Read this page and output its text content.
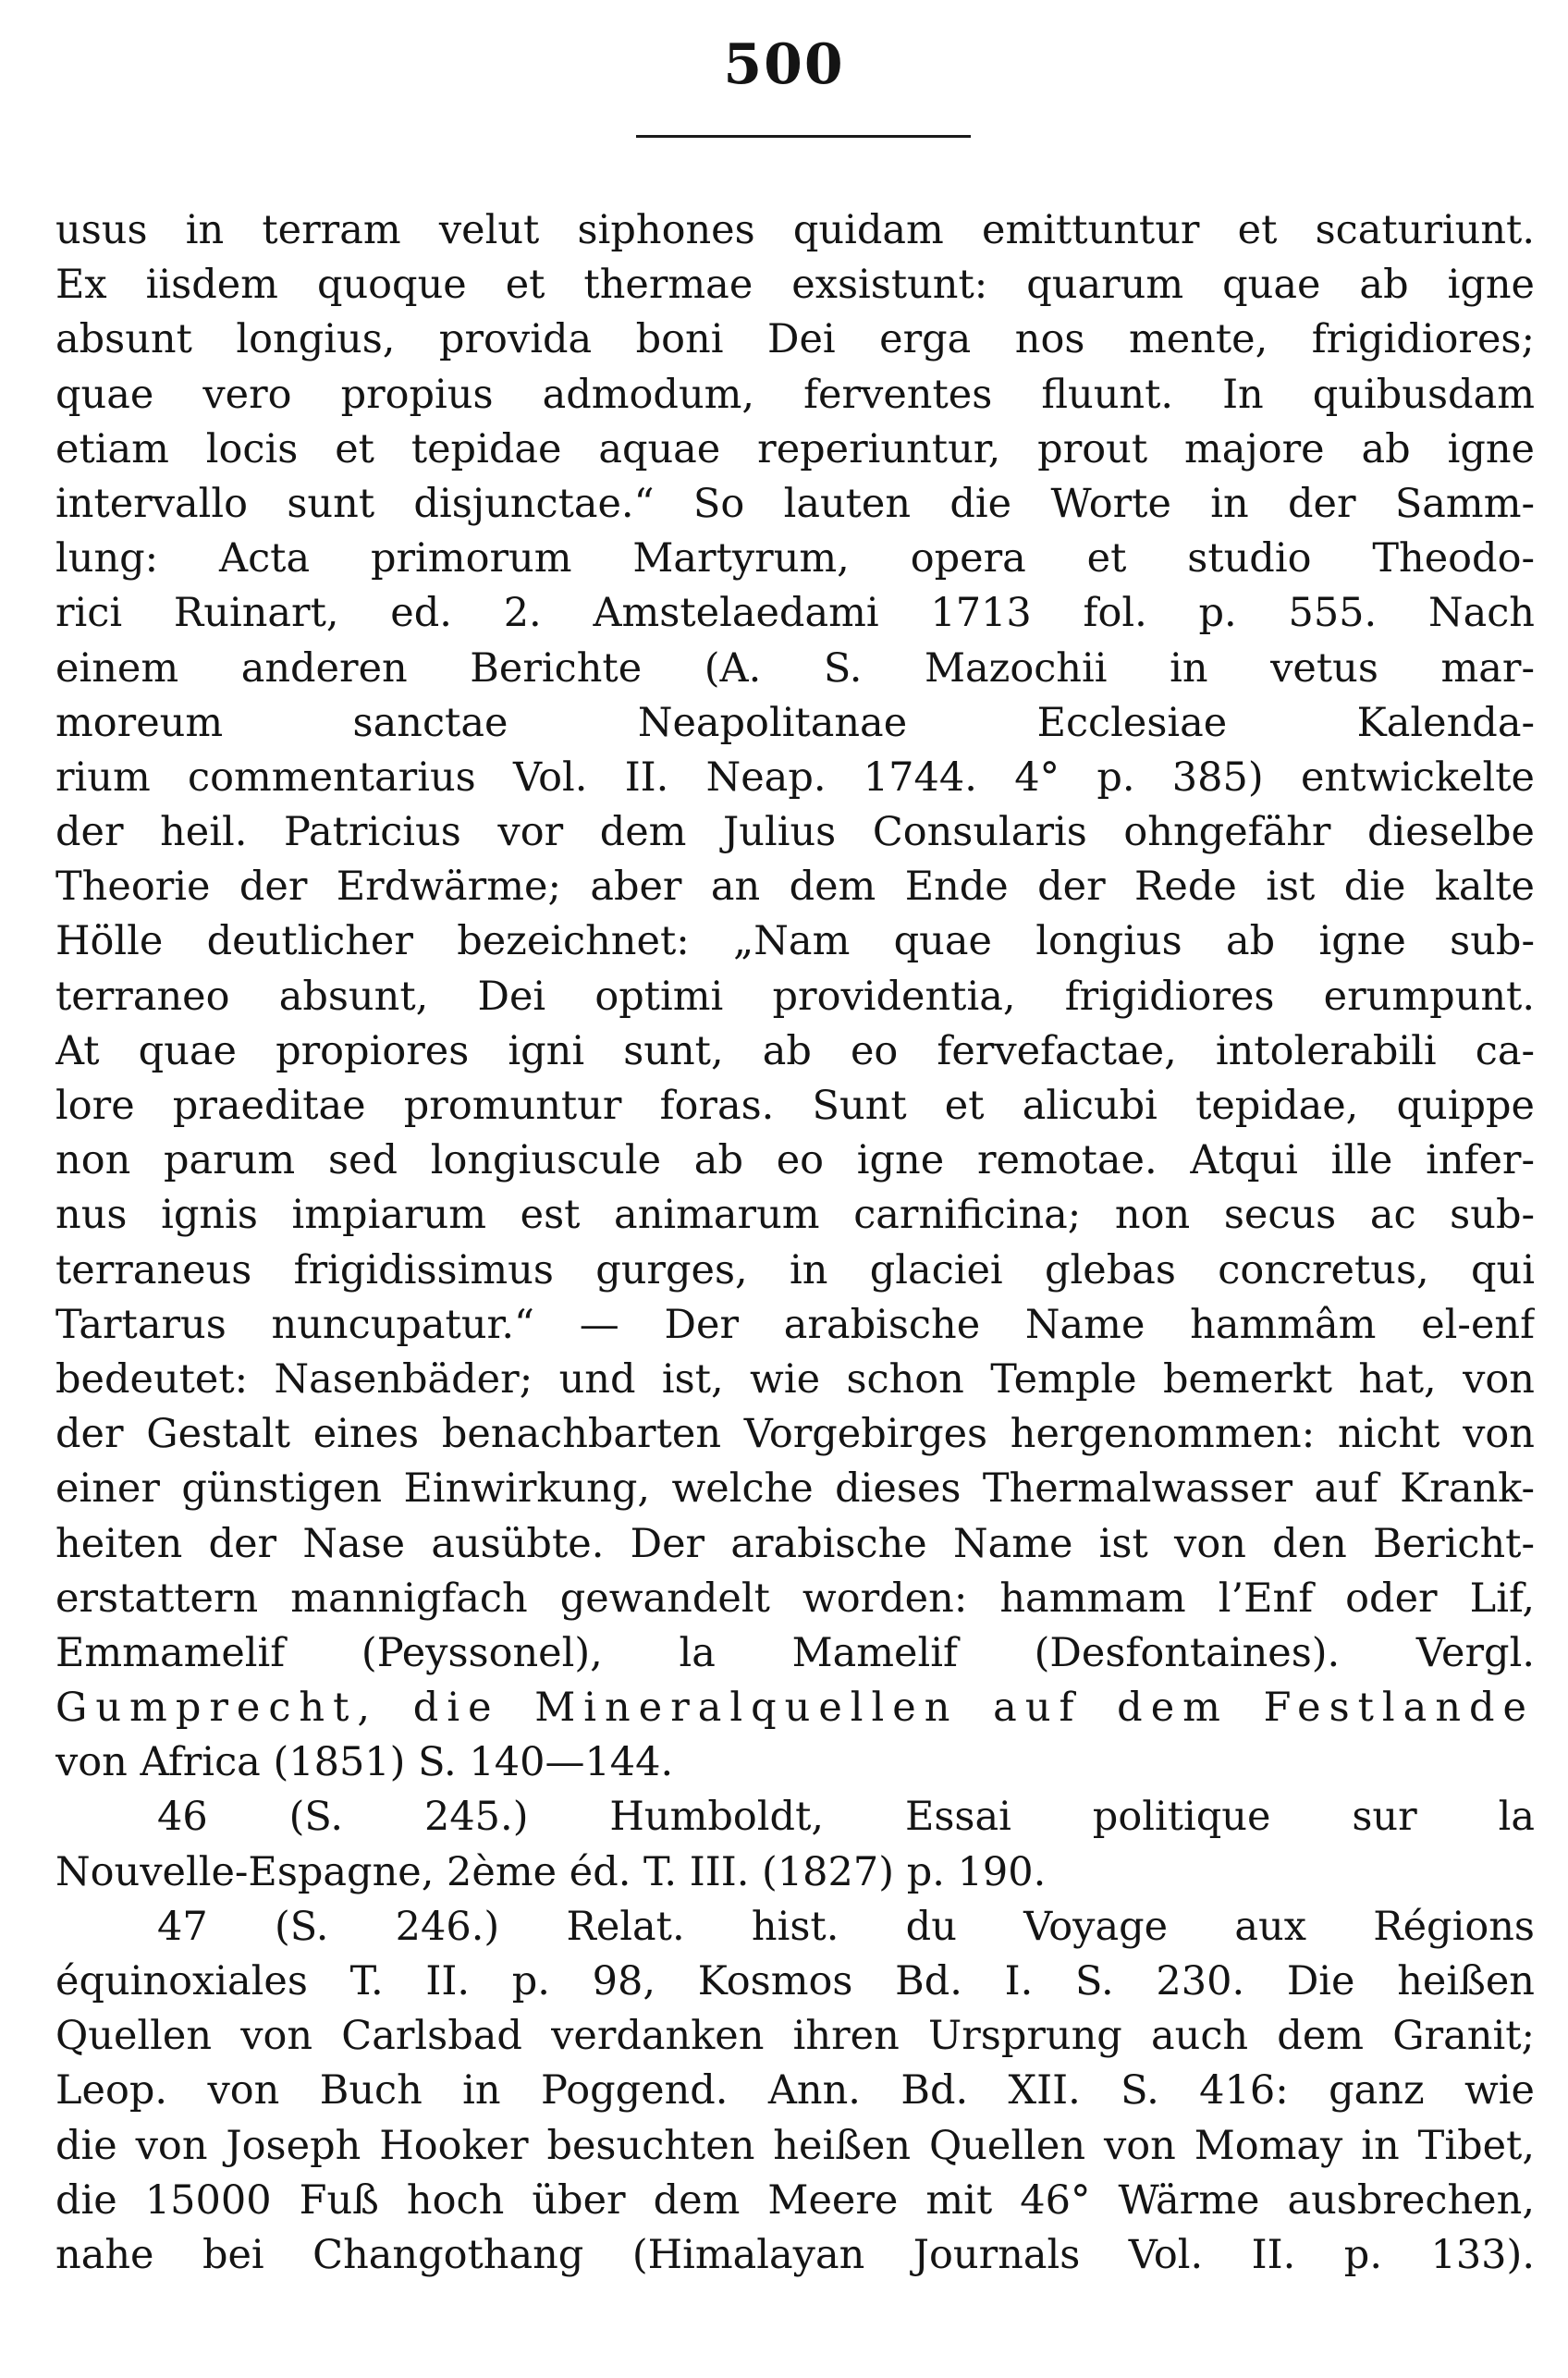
500
usus in terram velut siphones quidam emittuntur et scaturiunt.
Ex iisdem quoque et thermae exsistunt: quarum quae ab igne
absunt longius, provida boni Dei erga nos mente, frigidiores;
quae vero propius admodum, ferventes fluunt. In quibusdam
etiam locis et tepidae aquae reperiuntur, prout majore ab igne
intervallo sunt disjunctae.“ So lauten die Worte in der Samm-
lung: Acta primorum Martyrum, opera et studio Theodo-
rici Ruinart, ed. 2. Amstelaedami 1713 fol. p. 555. Nach
einem anderen Berichte (A. S. Mazochii in vetus mar-
moreum sanctae Neapolitanae Ecclesiae Kalenda-
rium commentarius Vol. II. Neap. 1744. 4° p. 385) entwickelte
der heil. Patricius vor dem Julius Consularis ohngefähr dieselbe
Theorie der Erdwärme; aber an dem Ende der Rede ist die kalte
Hölle deutlicher bezeichnet: „Nam quae longius ab igne sub-
terraneo absunt, Dei optimi providentia, frigidiores erumpunt.
At quae propiores igni sunt, ab eo fervefactae, intolerabili ca-
lore praeditae promuntur foras. Sunt et alicubi tepidae, quippe
non parum sed longiuscule ab eo igne remotae. Atqui ille infer-
nus ignis impiarum est animarum carnificina; non secus ac sub-
terraneus frigidissimus gurges, in glaciei glebas concretus, qui
Tartarus nuncupatur.“ — Der arabische Name hammâm el-enf
bedeutet: Nasenbäder; und ist, wie schon Temple bemerkt hat, von
der Gestalt eines benachbarten Vorgebirges hergenommen: nicht von
einer günstigen Einwirkung, welche dieses Thermalwasser auf Krank-
heiten der Nase ausübte. Der arabische Name ist von den Bericht-
erstattern mannigfach gewandelt worden: hammam l’Enf oder Lif,
Emmamelif (Peyssonel), la Mamelif (Desfontaines). Vergl.
Gumprecht, die Mineralquellen auf dem Festlande
von Africa (1851) S. 140—144.
46 (S. 245.) Humboldt, Essai politique sur la
Nouvelle-Espagne, 2ème éd. T. III. (1827) p. 190.
47 (S. 246.) Relat. hist. du Voyage aux Régions
équinoxiales T. II. p. 98, Kosmos Bd. I. S. 230. Die heißen
Quellen von Carlsbad verdanken ihren Ursprung auch dem Granit;
Leop. von Buch in Poggend. Ann. Bd. XII. S. 416: ganz wie
die von Joseph Hooker besuchten heißen Quellen von Momay in Tibet,
die 15000 Fuß hoch über dem Meere mit 46° Wärme ausbrechen,
nahe bei Changothang (Himalayan Journals Vol. II. p. 133).
